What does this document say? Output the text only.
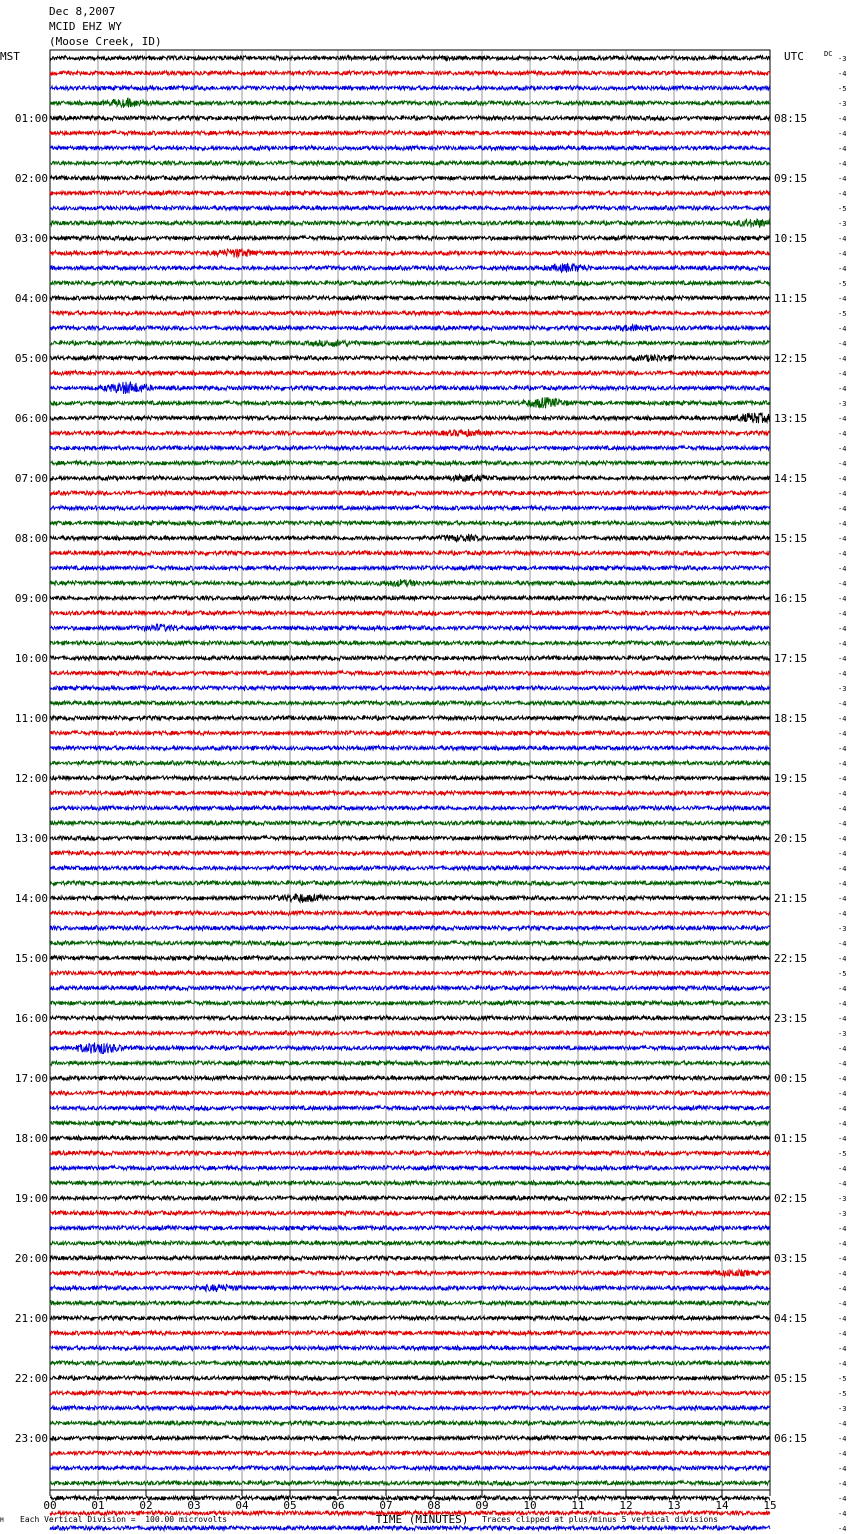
Dec 8,2007
MCID EHZ WY
(Moose Creek, ID)
00	01	02	03	04	05	06	07	08	09	10	11	12	13	14	15
-3
-4
-5
-3
-4
-4
-4
-4
-4
-4
-5
-3
-4
-4
-4
-5
-4
-5
-4
-4
-4
-4
-4
-3
-4
-4
-4
-4
-4
-4
-4
-4
-4
-4
-4
-4
-4
-4
-4
-4
-4
-4
-3
-4
-4
-4
-4
-4
-4
-4
-4
-4
-4
-4
-4
-4
-4
-4
-3
-4
-4
-5
-4
-4
-4
-3
-4
-4
-4
-4
-4
-4
-4
-5
-4
-4
-3
-3
-4
-4
-4
-4
-4
-4
-4
-4
-4
-4
-5
-5
-3
-4
-4
-4
-4
-4
-4
-4
-4
01:00	08:15
02:00	09:15
03:00	10:15
04:00	11:15
05:00	12:15
06:00	13:15
07:00	14:15
08:00	15:15
09:00	16:15
10:00	17:15
11:00	18:15
12:00	19:15
13:00	20:15
14:00	21:15
15:00	22:15
16:00	23:15
17:00	00:15
18:00	01:15
19:00	02:15
20:00	03:15
21:00	04:15
22:00	05:15
23:00	06:15
MST	UTC	DC
TIME (MINUTES)
Each Vertical Division =  100.00 microvolts	Traces clipped at plus/minus 5 vertical divisions
M
